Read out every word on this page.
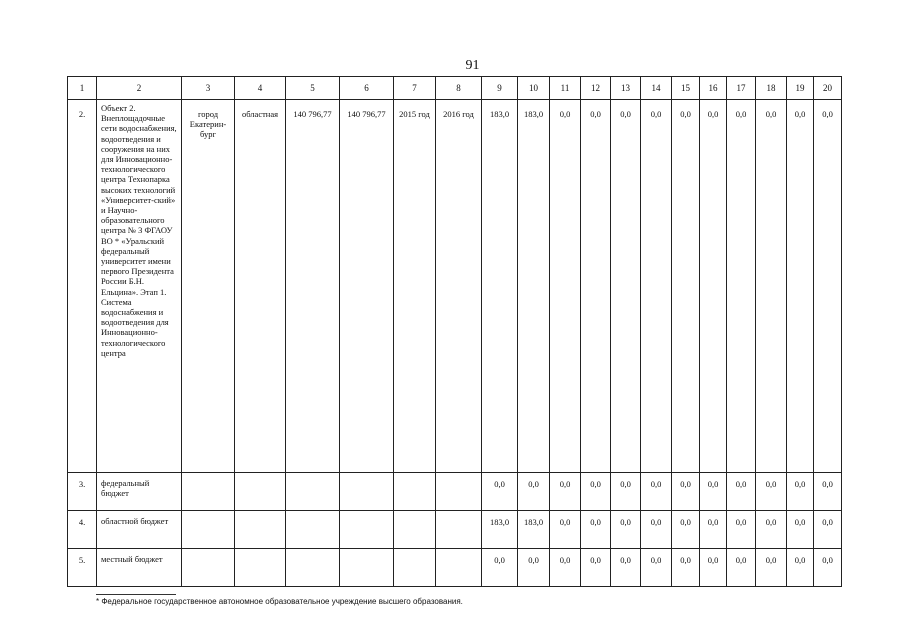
91
1	2	3	4	5	6	7	8	9	10	11	12	13	14	15	16	17	18	19	20
2.	Объект 2. Внеплощадочные сети водоснабжения, водоотведения и сооружения на них для Инновационно-технологического центра Технопарка высоких технологий «Университет-ский» и Научно-образовательного центра № 3 ФГАОУ ВО * «Уральский федеральный университет имени первого Президента России Б.Н. Ельцина». Этап 1. Система водоснабжения и водоотведения для Инновационно-технологического центра	город Екатерин-бург	областная	140 796,77	140 796,77	2015 год	2016 год	183,0	183,0	0,0	0,0	0,0	0,0	0,0	0,0	0,0	0,0	0,0	0,0
3.	федеральный бюджет							0,0	0,0	0,0	0,0	0,0	0,0	0,0	0,0	0,0	0,0	0,0	0,0
4.	областной бюджет							183,0	183,0	0,0	0,0	0,0	0,0	0,0	0,0	0,0	0,0	0,0	0,0
5.	местный бюджет							0,0	0,0	0,0	0,0	0,0	0,0	0,0	0,0	0,0	0,0	0,0	0,0
* Федеральное государственное автономное образовательное учреждение высшего образования.
